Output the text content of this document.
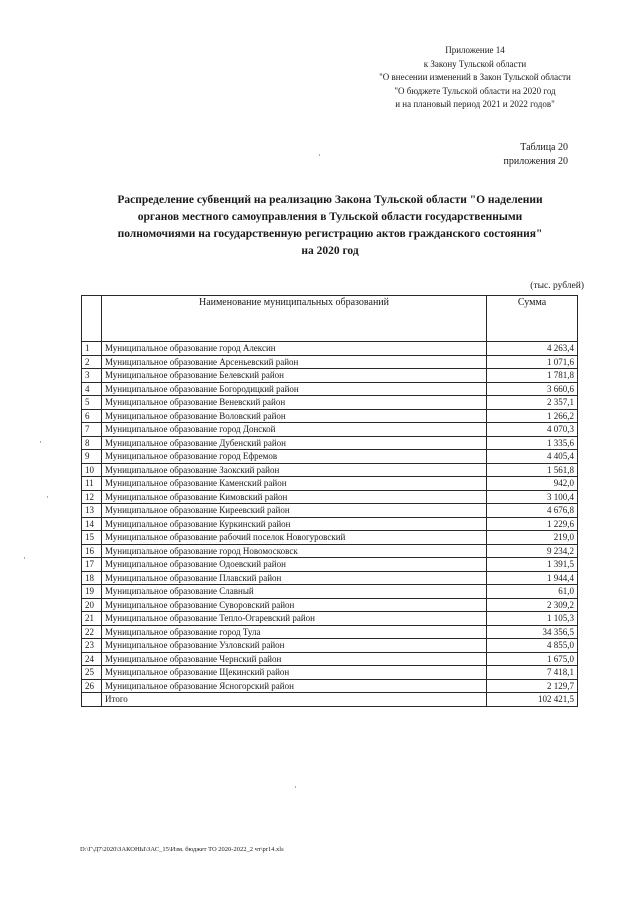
Приложение 14
к Закону Тульской области
"О внесении изменений в Закон Тульской области
"О бюджете Тульской области на 2020 год
и на плановый период 2021 и 2022 годов"
Таблица 20
приложения 20
Распределение субвенций на реализацию Закона Тульской области "О наделении
органов местного самоуправления в Тульской области государственными
полномочиями на государственную регистрацию актов гражданского состояния"
на 2020 год
(тыс. рублей)
	Наименование муниципальных образований	Сумма
1	Муниципальное образование город Алексин	4 263,4
2	Муниципальное образование Арсеньевский район	1 071,6
3	Муниципальное образование Белевский район	1 781,8
4	Муниципальное образование Богородицкий район	3 660,6
5	Муниципальное образование Веневский район	2 357,1
6	Муниципальное образование Воловский район	1 266,2
7	Муниципальное образование город Донской	4 070,3
8	Муниципальное образование Дубенский район	1 335,6
9	Муниципальное образование город Ефремов	4 405,4
10	Муниципальное образование Заокский район	1 561,8
11	Муниципальное образование Каменский район	942,0
12	Муниципальное образование Кимовский район	3 100,4
13	Муниципальное образование Киреевский район	4 676,8
14	Муниципальное образование Куркинский район	1 229,6
15	Муниципальное образование рабочий поселок Новогуровский	219,0
16	Муниципальное образование город Новомосковск	9 234,2
17	Муниципальное образование Одоевский район	1 391,5
18	Муниципальное образование Плавский район	1 944,4
19	Муниципальное образование Славный	61,0
20	Муниципальное образование Суворовский район	2 309,2
21	Муниципальное образование Тепло-Огаревский район	1 105,3
22	Муниципальное образование город Тула	34 356,5
23	Муниципальное образование Узловский район	4 855,0
24	Муниципальное образование Чернский район	1 675,0
25	Муниципальное образование Щекинский район	7 418,1
26	Муниципальное образование Ясногорский район	2 129,7
	Итого	102 421,5
D:\Г\Д7\2020\ЗАКОНЫ\ЗАС_15\Изм. бюджет ТО 2020-2022_2 чт\pr14.xls
·
·
·
·
·
